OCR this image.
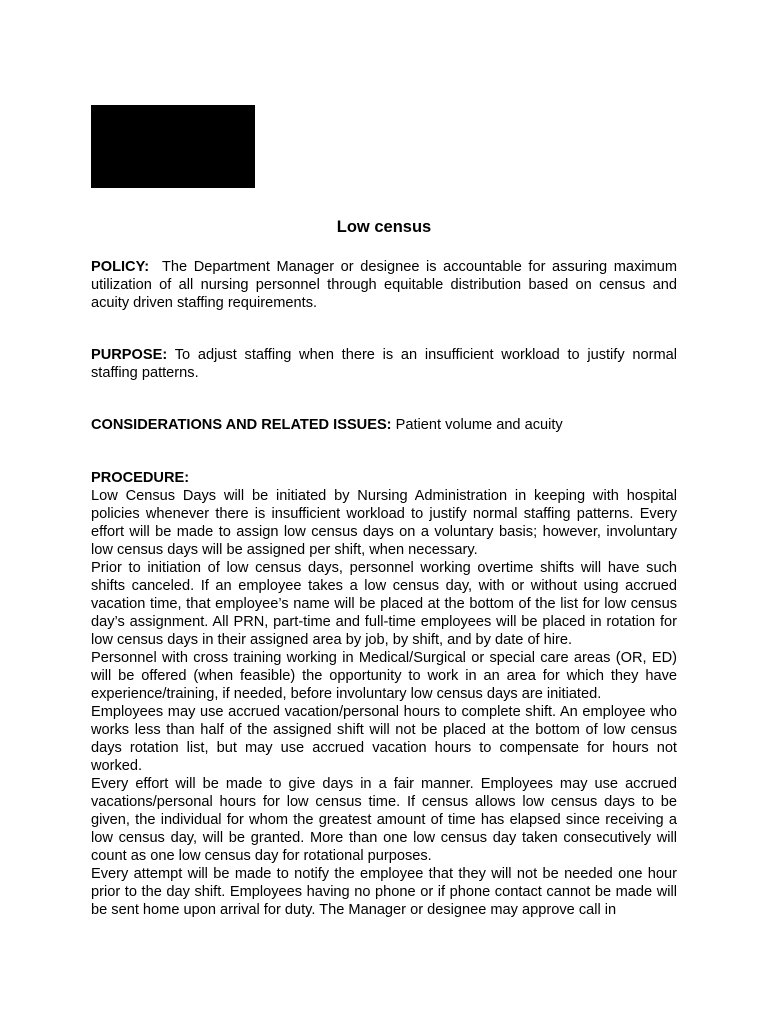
Low census

POLICY: The Department Manager or designee is accountable for assuring maximum utilization of all nursing personnel through equitable distribution based on census and acuity driven staffing requirements.

PURPOSE: To adjust staffing when there is an insufficient workload to justify normal staffing patterns.

CONSIDERATIONS AND RELATED ISSUES: Patient volume and acuity

PROCEDURE:

Low Census Days will be initiated by Nursing Administration in keeping with hospital policies whenever there is insufficient workload to justify normal staffing patterns. Every effort will be made to assign low census days on a voluntary basis; however, involuntary low census days will be assigned per shift, when necessary.

Prior to initiation of low census days, personnel working overtime shifts will have such shifts canceled. If an employee takes a low census day, with or without using accrued vacation time, that employee’s name will be placed at the bottom of the list for low census day’s assignment. All PRN, part-time and full-time employees will be placed in rotation for low census days in their assigned area by job, by shift, and by date of hire.

Personnel with cross training working in Medical/Surgical or special care areas (OR, ED) will be offered (when feasible) the opportunity to work in an area for which they have experience/training, if needed, before involuntary low census days are initiated.

Employees may use accrued vacation/personal hours to complete shift. An employee who works less than half of the assigned shift will not be placed at the bottom of low census days rotation list, but may use accrued vacation hours to compensate for hours not worked.

Every effort will be made to give days in a fair manner. Employees may use accrued vacations/personal hours for low census time. If census allows low census days to be given, the individual for whom the greatest amount of time has elapsed since receiving a low census day, will be granted. More than one low census day taken consecutively will count as one low census day for rotational purposes.

Every attempt will be made to notify the employee that they will not be needed one hour prior to the day shift. Employees having no phone or if phone contact cannot be made will be sent home upon arrival for duty. The Manager or designee may approve call in
